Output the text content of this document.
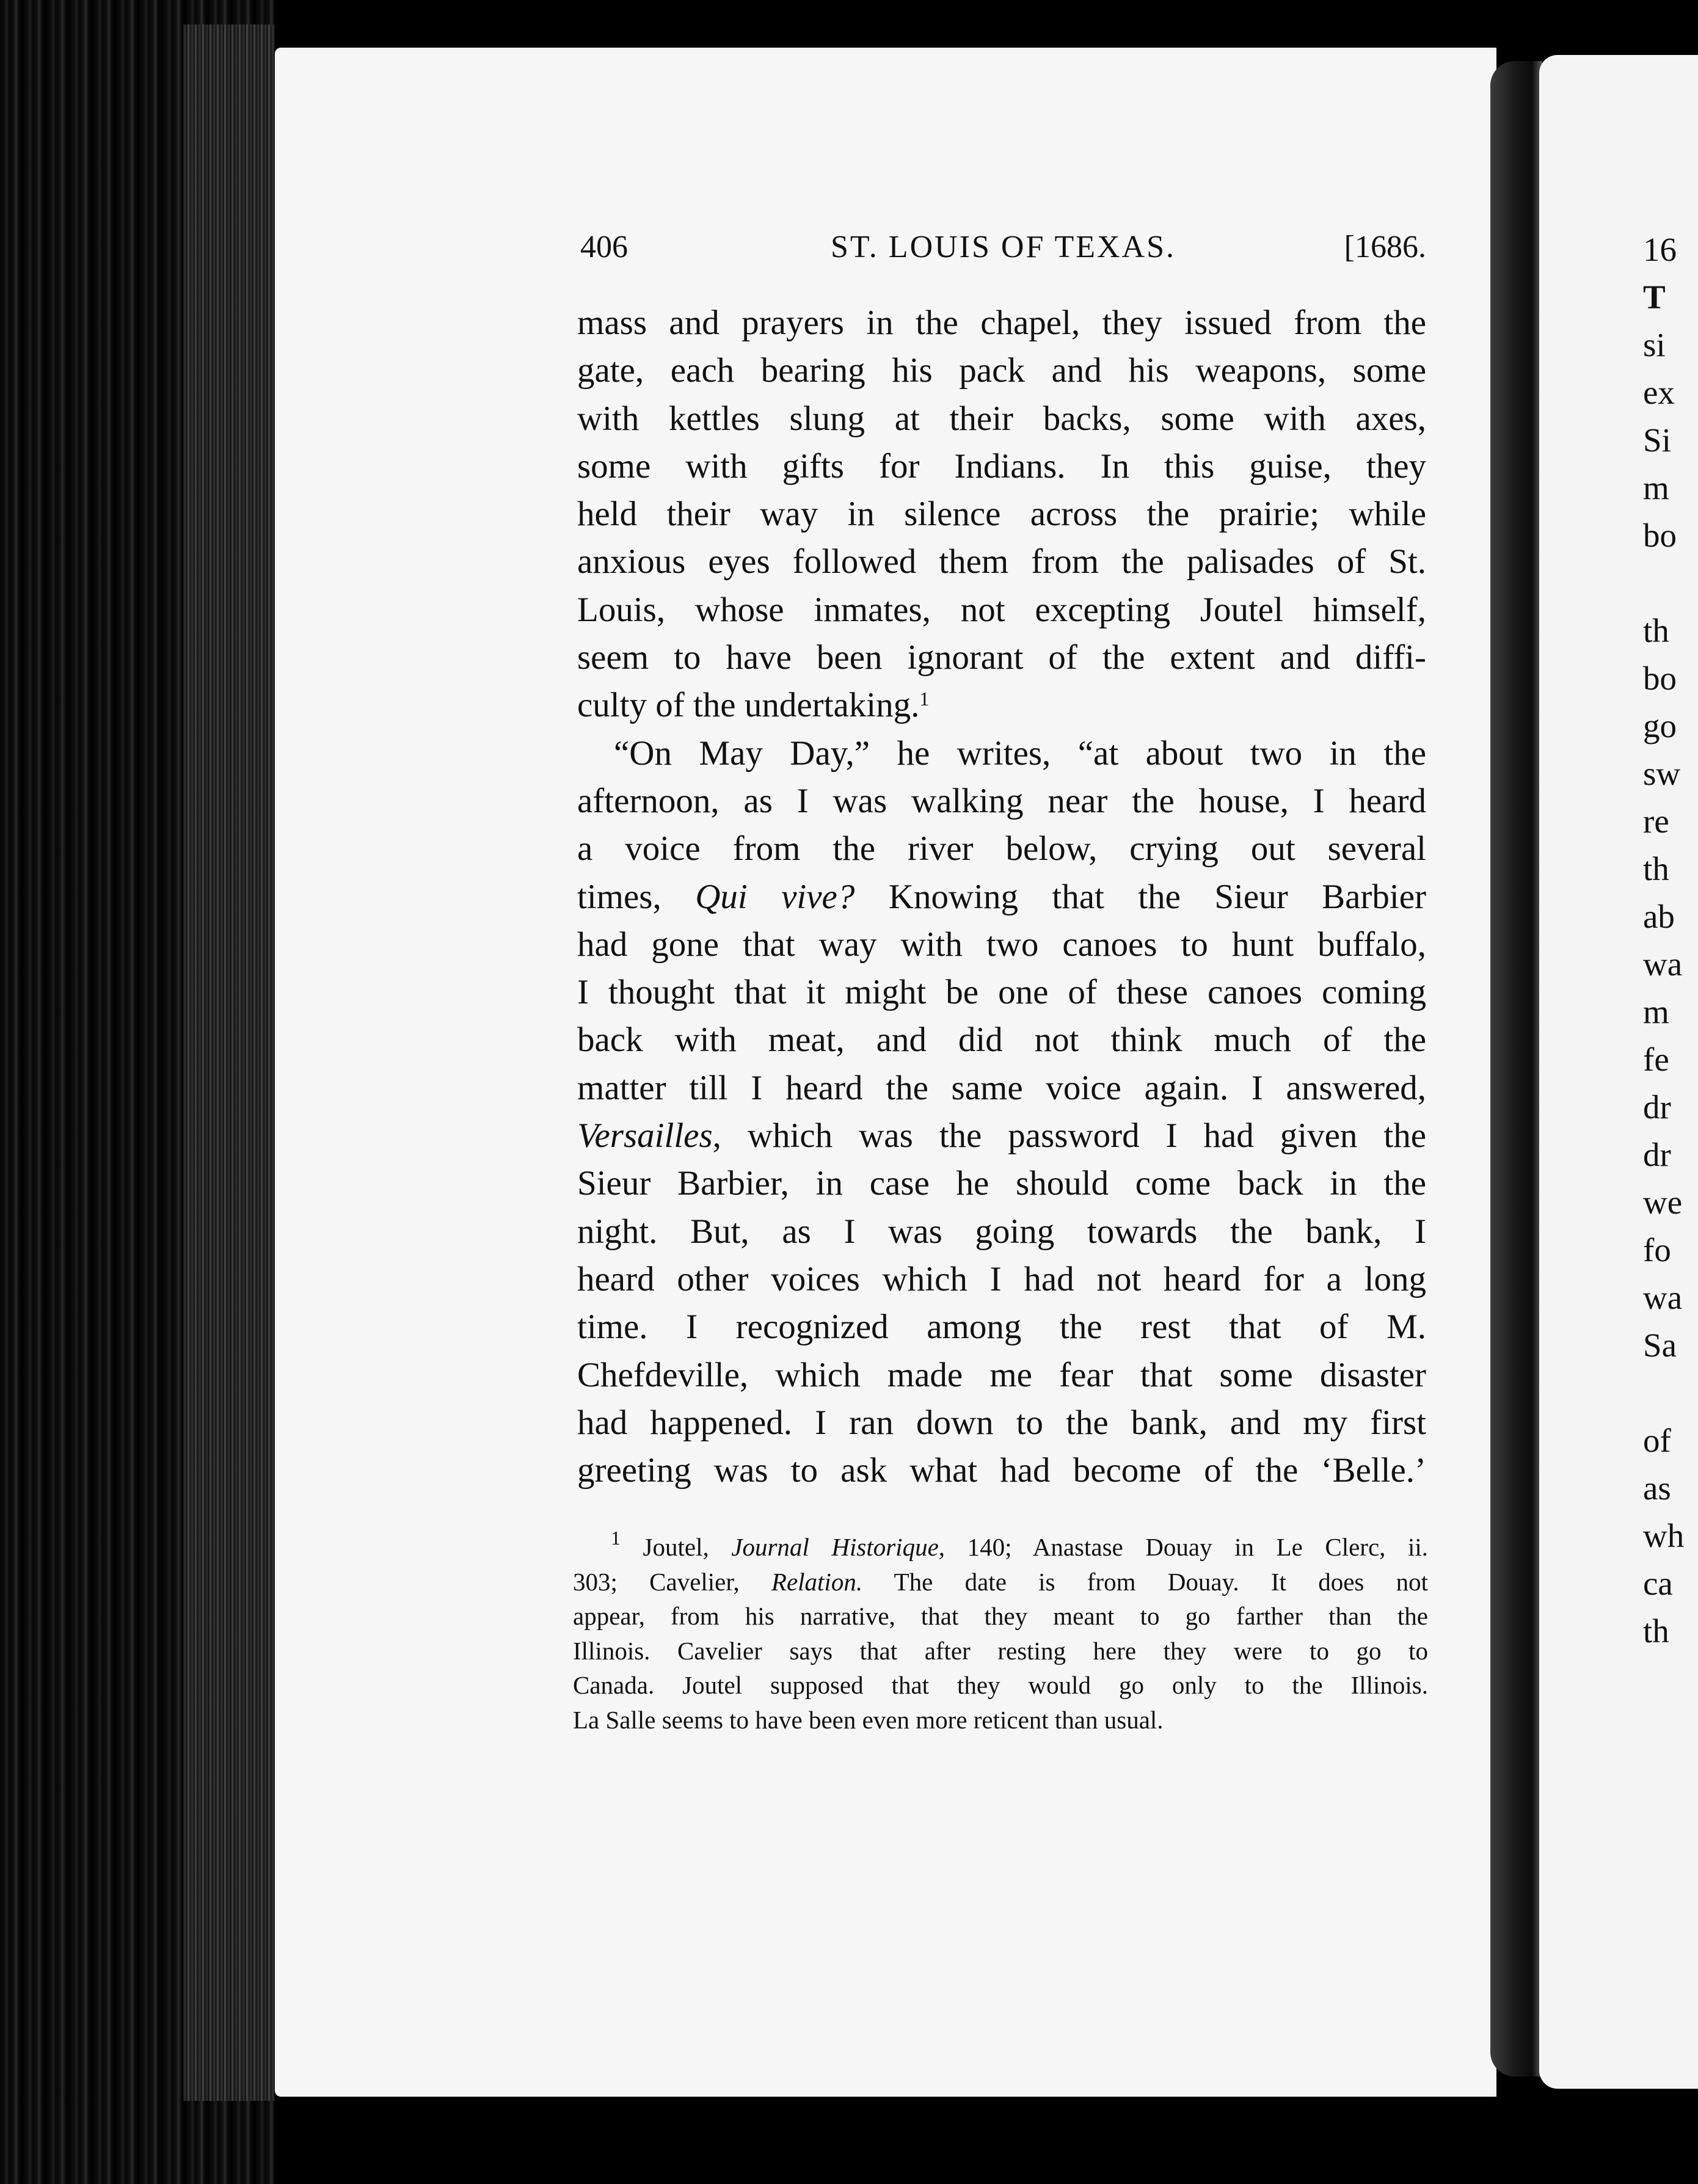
16
T
si
ex
Si
m
bo
th
bo
go
sw
re
th
ab
wa
m
fe
dr
dr
we
fo
wa
Sa
of
as
wh
ca
th
406	ST. LOUIS OF TEXAS.	[1686.
mass and prayers in the chapel, they issued from the
gate, each bearing his pack and his weapons, some
with kettles slung at their backs, some with axes,
some with gifts for Indians. In this guise, they
held their way in silence across the prairie; while
anxious eyes followed them from the palisades of St.
Louis, whose inmates, not excepting Joutel himself,
seem to have been ignorant of the extent and diffi-
culty of the undertaking.$^1$
“On May Day,” he writes, “at about two in the
afternoon, as I was walking near the house, I heard
a voice from the river below, crying out several
times, Qui vive? Knowing that the Sieur Barbier
had gone that way with two canoes to hunt buffalo,
I thought that it might be one of these canoes coming
back with meat, and did not think much of the
matter till I heard the same voice again. I answered,
Versailles, which was the password I had given the
Sieur Barbier, in case he should come back in the
night. But, as I was going towards the bank, I
heard other voices which I had not heard for a long
time. I recognized among the rest that of M.
Chefdeville, which made me fear that some disaster
had happened. I ran down to the bank, and my first
greeting was to ask what had become of the ‘Belle.’
$^1$ Joutel, Journal Historique, 140; Anastase Douay in Le Clerc, ii.
303; Cavelier, Relation. The date is from Douay. It does not
appear, from his narrative, that they meant to go farther than the
Illinois. Cavelier says that after resting here they were to go to
Canada. Joutel supposed that they would go only to the Illinois.
La Salle seems to have been even more reticent than usual.
